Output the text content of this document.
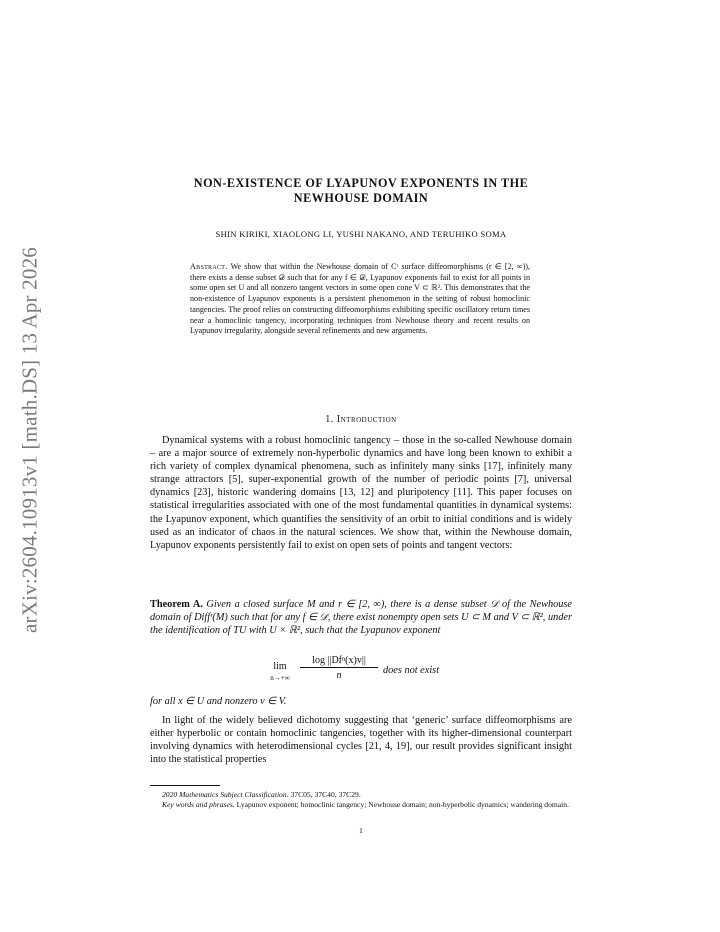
arXiv:2604.10913v1 [math.DS] 13 Apr 2026
NON-EXISTENCE OF LYAPUNOV EXPONENTS IN THE
NEWHOUSE DOMAIN
SHIN KIRIKI, XIAOLONG LI, YUSHI NAKANO, AND TERUHIKO SOMA
Abstract. We show that within the Newhouse domain of Cʳ surface diffeomorphisms (r ∈ [2, ∞)), there exists a dense subset 𝒟 such that for any f ∈ 𝒟, Lyapunov exponents fail to exist for all points in some open set U and all nonzero tangent vectors in some open cone V ⊂ ℝ². This demonstrates that the non-existence of Lyapunov exponents is a persistent phenomenon in the setting of robust homoclinic tangencies. The proof relies on constructing diffeomorphisms exhibiting specific oscillatory return times near a homoclinic tangency, incorporating techniques from Newhouse theory and recent results on Lyapunov irregularity, alongside several refinements and new arguments.
1. Introduction

Dynamical systems with a robust homoclinic tangency – those in the so-called Newhouse domain – are a major source of extremely non-hyperbolic dynamics and have long been known to exhibit a rich variety of complex dynamical phenomena, such as infinitely many sinks [17], infinitely many strange attractors [5], super-exponential growth of the number of periodic points [7], universal dynamics [23], historic wandering domains [13, 12] and pluripotency [11]. This paper focuses on statistical irregularities associated with one of the most fundamental quantities in dynamical systems: the Lyapunov exponent, which quantifies the sensitivity of an orbit to initial conditions and is widely used as an indicator of chaos in the natural sciences. We show that, within the Newhouse domain, Lyapunov exponents persistently fail to exist on open sets of points and tangent vectors:

Theorem A. Given a closed surface M and r ∈ [2, ∞), there is a dense subset 𝒟 of the Newhouse domain of Diffʳ(M) such that for any f ∈ 𝒟, there exist nonempty open sets U ⊂ M and V ⊂ ℝ², under the identification of TU with U × ℝ², such that the Lyapunov exponent

lim
n→+∞
log ||Dfⁿ(x)v||
n	does not exist
for all x ∈ U and nonzero v ∈ V.

In light of the widely believed dichotomy suggesting that ‘generic’ surface diffeomorphisms are either hyperbolic or contain homoclinic tangencies, together with its higher-dimensional counterpart involving dynamics with heterodimensional cycles [21, 4, 19], our result provides significant insight into the statistical properties

2020 Mathematics Subject Classification. 37C05, 37C40, 37C29.

Key words and phrases. Lyapunov exponent; homoclinic tangency; Newhouse domain; non-hyperbolic dynamics; wandering domain.

1
